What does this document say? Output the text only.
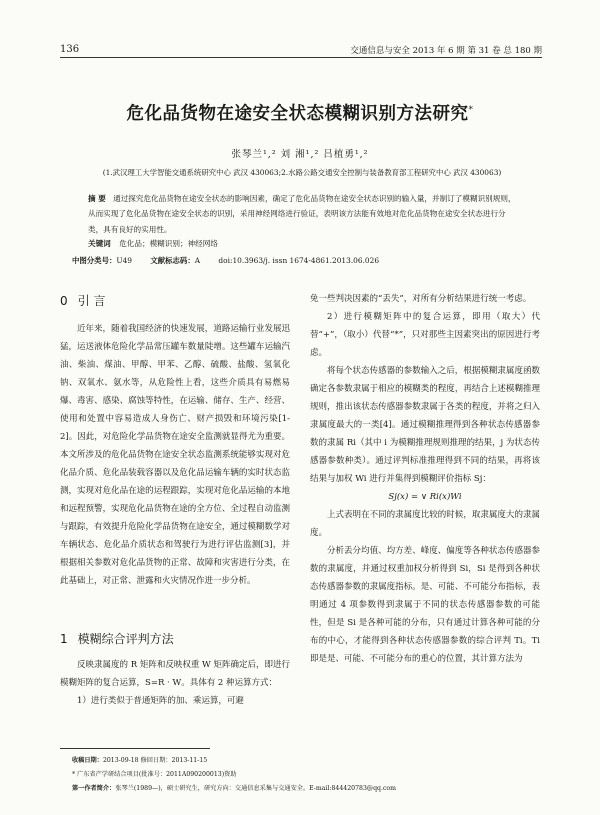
136	交通信息与安全 2013 年 6 期 第 31 卷 总 180 期
危化品货物在途安全状态模糊识别方法研究*
张琴兰¹,² 刘 湘¹,² 吕植勇¹,²
(1.武汉理工大学智能交通系统研究中心 武汉 430063;2.水路公路交通安全控制与装备教育部工程研究中心 武汉 430063)
摘 要 通过探究危化品货物在途安全状态的影响因素，确定了危化品货物在途安全状态识别的输入量，并制订了模糊识别规则，从而实现了危化品货物在途安全状态的识别，采用神经网络进行验证，表明该方法能有效地对危化品货物在途安全状态进行分类，具有良好的实用性。
关键词 危化品；模糊识别；神经网络
中图分类号：U49 文献标志码：A doi:10.3963/j. issn 1674-4861.2013.06.026
0 引 言

近年来，随着我国经济的快速发展，道路运输行业发展迅猛，运送液体危险化学品常压罐车数量陡增。这些罐车运输汽油、柴油、煤油、甲醇、甲苯、乙醇、硫酸、盐酸、氢氧化钠、双氧水、氨水等，从危险性上看，这些介质具有易燃易爆、毒害、感染、腐蚀等特性，在运输、储存、生产、经营、使用和处置中容易造成人身伤亡、财产损毁和环境污染[1-2]。因此，对危险化学品货物在途安全监测就显得尤为重要。本文所涉及的危化品货物在途安全状态监测系统能够实现对危化品介质、危化品装载容器以及危化品运输车辆的实时状态监测，实现对危化品在途的运程跟踪，实现对危化品运输的本地和远程预警，实现危化品货物在途的全方位、全过程自动监测与跟踪，有效提升危险化学品货物在途安全，通过模糊数学对车辆状态、危化品介质状态和驾驶行为进行评估监测[3]，并根据相关参数对危化品货物的正常、故障和灾害进行分类，在此基础上，对正常、泄露和火灾情况作进一步分析。

1 模糊综合评判方法

反映隶属度的 R 矩阵和反映权重 W 矩阵确定后，即进行模糊矩阵的复合运算，S=R · W。具体有 2 种运算方式：

1）进行类似于普通矩阵的加、乘运算，可避

免一些判决因素的“丢失”，对所有分析结果进行统一考虑。

2）进行模糊矩阵中的复合运算，即用（取大）代替“+”，（取小）代替“*”，只对那些主因素突出的原因进行考虑。

将每个状态传感器的参数输入之后，根据模糊隶属度函数确定各参数隶属于相应的模糊类的程度，再结合上述模糊推理规则，推出该状态传感器参数隶属于各类的程度，并将之归入隶属度最大的一类[4]。通过模糊推理得到各种状态传感器参数的隶属 Ri（其中 i 为模糊推理规则推理的结果，j 为状态传感器参数种类）。通过评判标准推理得到不同的结果，再将该结果与加权 Wi 进行并集得到模糊评价指标 Sj：

Sj(x) = ∨ Ri(x)Wi

上式表明在不同的隶属度比较的时候，取隶属度大的隶属度。

分析丢分均值、均方差、峰度、偏度等各种状态传感器参数的隶属度，并通过权重加权分析得到 Si，Si 是得到各种状态传感器参数的隶属度指标。是、可能、不可能分布指标，表明通过 4 项参数得到隶属于不同的状态传感器参数的可能性，但是 Si 是各种可能的分布，只有通过计算各种可能的分布的中心，才能得到各种状态传感器参数的综合评判 Ti。Ti 即是是、可能、不可能分布的重心的位置，其计算方法为

收稿日期：2013-09-18 修回日期：2013-11-15
* 广东省产学研结合项目(批准号：2011A090200013)资助
第一作者简介：张琴兰(1989—)，硕士研究生，研究方向：交通信息采集与交通安全。E-mail:844420783@qq.com
